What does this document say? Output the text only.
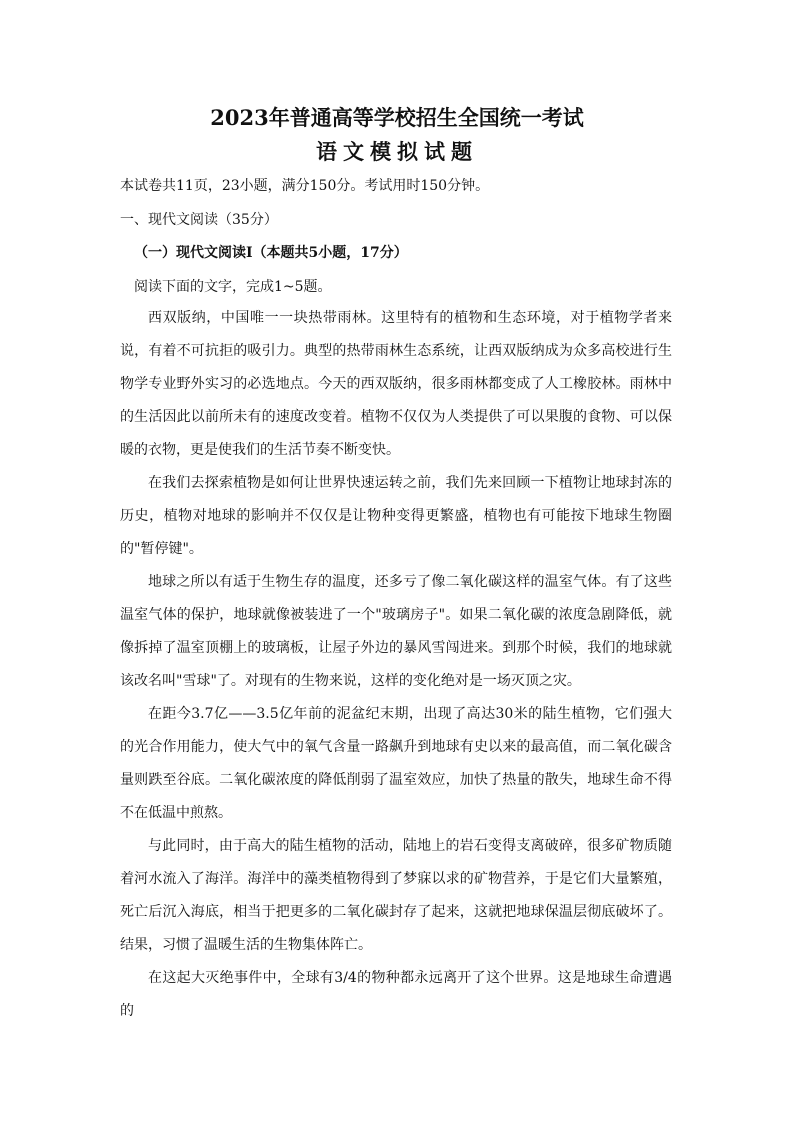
2023年普通高等学校招生全国统一考试
语文模拟试题

本试卷共11页，23小题，满分150分。考试用时150分钟。

一、现代文阅读（35分）

（一）现代文阅读Ⅰ（本题共5小题，17分）

阅读下面的文字，完成1~5题。

西双版纳，中国唯一一块热带雨林。这里特有的植物和生态环境，对于植物学者来说，有着不可抗拒的吸引力。典型的热带雨林生态系统，让西双版纳成为众多高校进行生物学专业野外实习的必选地点。今天的西双版纳，很多雨林都变成了人工橡胶林。雨林中的生活因此以前所未有的速度改变着。植物不仅仅为人类提供了可以果腹的食物、可以保暖的衣物，更是使我们的生活节奏不断变快。

在我们去探索植物是如何让世界快速运转之前，我们先来回顾一下植物让地球封冻的历史，植物对地球的影响并不仅仅是让物种变得更繁盛，植物也有可能按下地球生物圈的"暂停键"。

地球之所以有适于生物生存的温度，还多亏了像二氧化碳这样的温室气体。有了这些温室气体的保护，地球就像被装进了一个"玻璃房子"。如果二氧化碳的浓度急剧降低，就像拆掉了温室顶棚上的玻璃板，让屋子外边的暴风雪闯进来。到那个时候，我们的地球就该改名叫"雪球"了。对现有的生物来说，这样的变化绝对是一场灭顶之灾。

在距今3.7亿——3.5亿年前的泥盆纪末期，出现了高达30米的陆生植物，它们强大的光合作用能力，使大气中的氧气含量一路飙升到地球有史以来的最高值，而二氧化碳含量则跌至谷底。二氧化碳浓度的降低削弱了温室效应，加快了热量的散失，地球生命不得不在低温中煎熬。

与此同时，由于高大的陆生植物的活动，陆地上的岩石变得支离破碎，很多矿物质随着河水流入了海洋。海洋中的藻类植物得到了梦寐以求的矿物营养，于是它们大量繁殖，死亡后沉入海底，相当于把更多的二氧化碳封存了起来，这就把地球保温层彻底破坏了。结果，习惯了温暖生活的生物集体阵亡。

在这起大灭绝事件中，全球有3/4的物种都永远离开了这个世界。这是地球生命遭遇的
